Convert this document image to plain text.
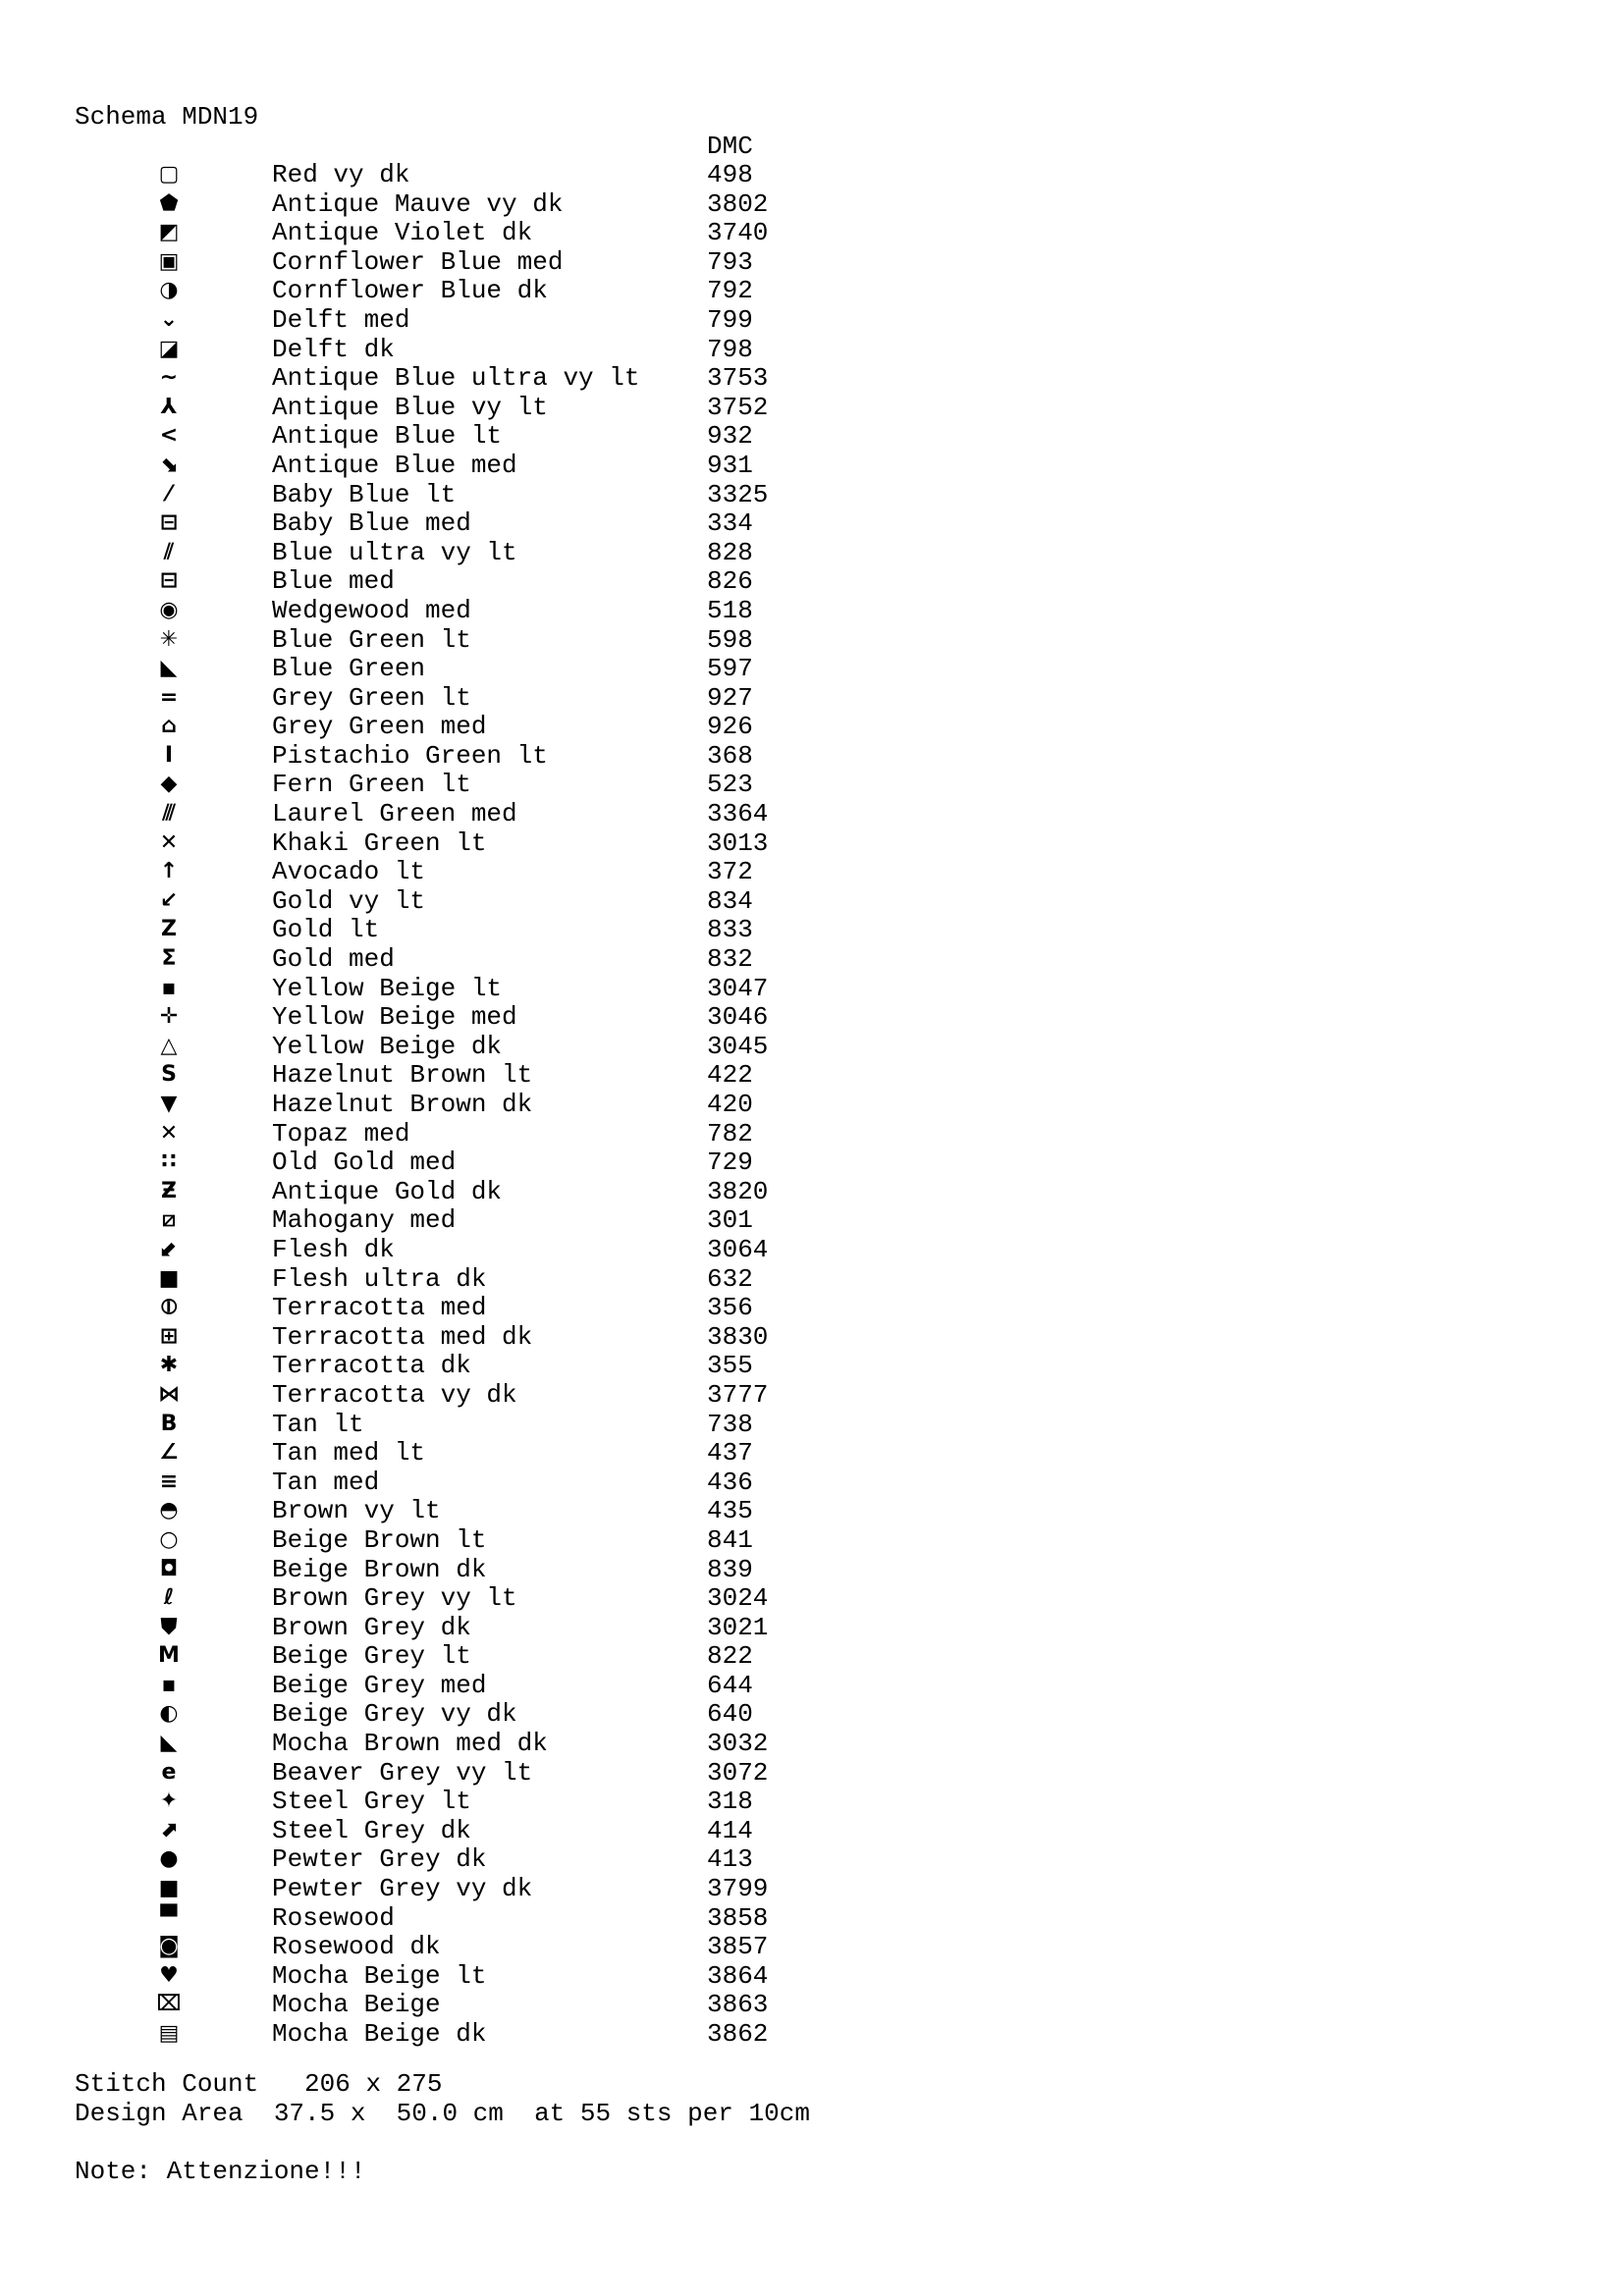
Schema MDN19
DMC
▢	Red vy dk	498
⬟	Antique Mauve vy dk	3802
◩	Antique Violet dk	3740
▣	Cornflower Blue med	793
◑	Cornflower Blue dk	792
⌄	Delft med	799
◪	Delft dk	798
∼	Antique Blue ultra vy lt	3753
⅄	Antique Blue vy lt	3752
<	Antique Blue lt	932
⬊	Antique Blue med	931
⁄	Baby Blue lt	3325
⊟	Baby Blue med	334
⫽	Blue ultra vy lt	828
⊟	Blue med	826
◉	Wedgewood med	518
✳	Blue Green lt	598
◣	Blue Green	597
=	Grey Green lt	927
⌂	Grey Green med	926
I	Pistachio Green lt	368
◆	Fern Green lt	523
⫻	Laurel Green med	3364
✕	Khaki Green lt	3013
↑	Avocado lt	372
↙	Gold vy lt	834
Z	Gold lt	833
Σ	Gold med	832
▪	Yellow Beige lt	3047
✛	Yellow Beige med	3046
△	Yellow Beige dk	3045
S	Hazelnut Brown lt	422
▼	Hazelnut Brown dk	420
✕	Topaz med	782
∷	Old Gold med	729
Ƶ	Antique Gold dk	3820
⧄	Mahogany med	301
⬋	Flesh dk	3064
■	Flesh ultra dk	632
⦶	Terracotta med	356
⊞	Terracotta med dk	3830
✱	Terracotta dk	355
⋈	Terracotta vy dk	3777
B	Tan lt	738
∠	Tan med lt	437
≡	Tan med	436
◓	Brown vy lt	435
○	Beige Brown lt	841
◘	Beige Brown dk	839
ℓ	Brown Grey vy lt	3024
⛊	Brown Grey dk	3021
M	Beige Grey lt	822
▪	Beige Grey med	644
◐	Beige Grey vy dk	640
◣	Mocha Brown med dk	3032
e	Beaver Grey vy lt	3072
✦	Steel Grey lt	318
⬈	Steel Grey dk	414
●	Pewter Grey dk	413
■	Pewter Grey vy dk	3799
▀	Rosewood	3858
◙	Rosewood dk	3857
♥	Mocha Beige lt	3864
⌧	Mocha Beige	3863
▤	Mocha Beige dk	3862
Stitch Count   206 x 275
Design Area  37.5 x  50.0 cm  at 55 sts per 10cm
Note: Attenzione!!!
